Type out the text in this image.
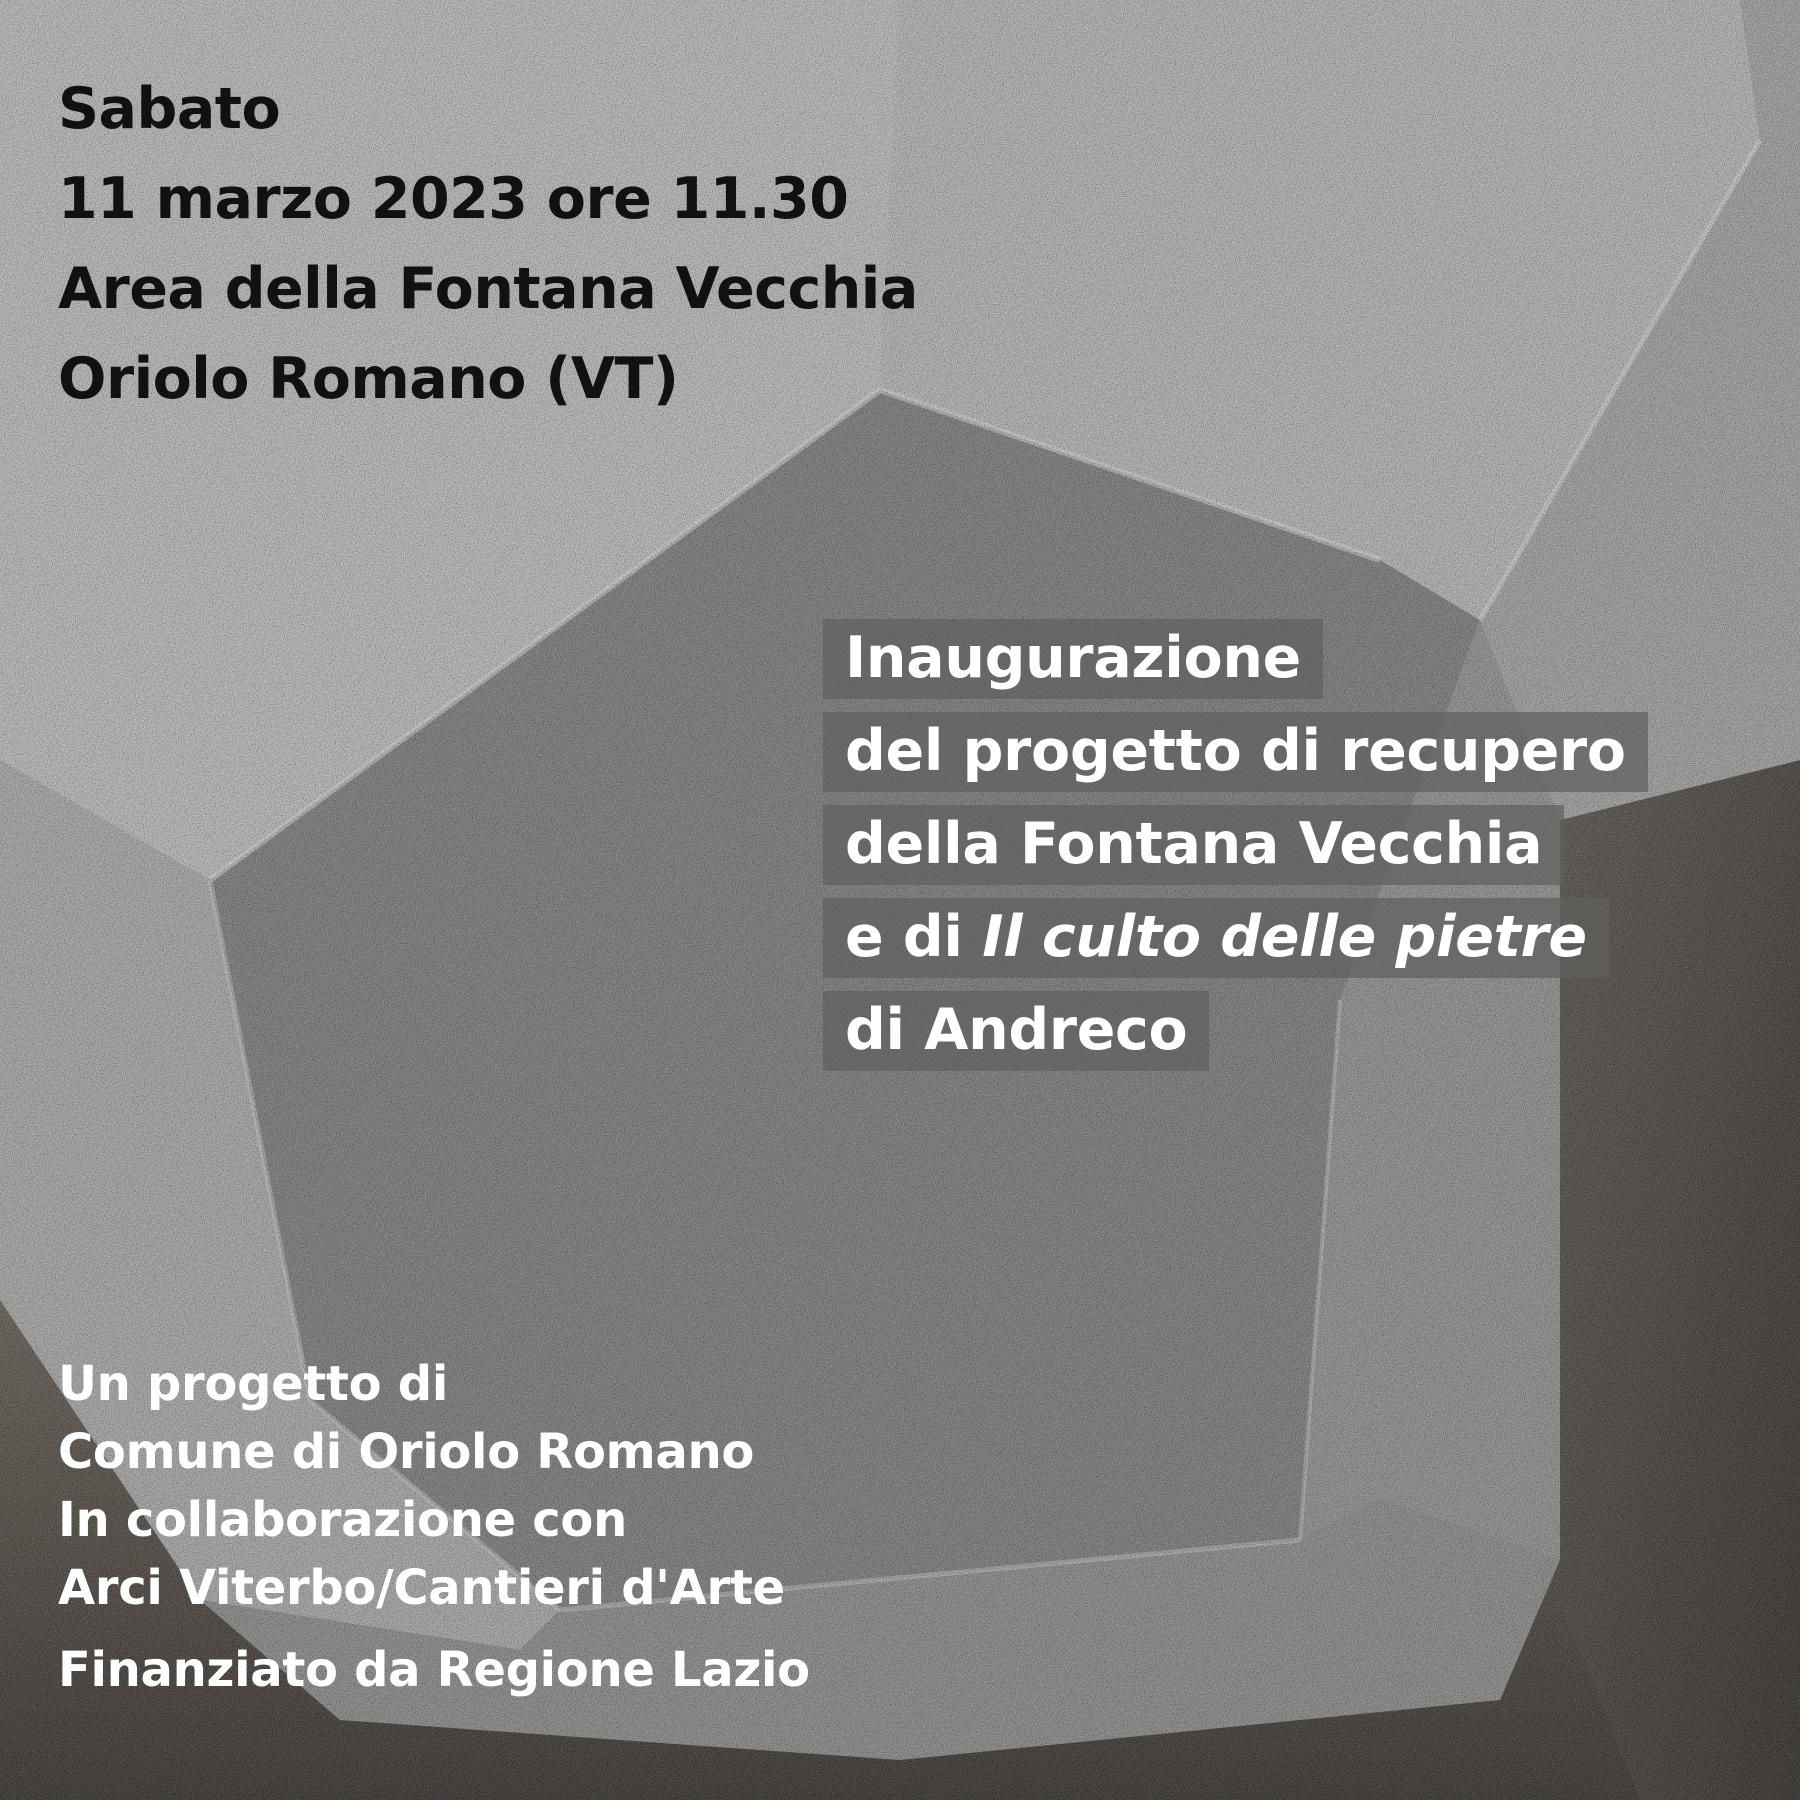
Sabato
11 marzo 2023 ore 11.30
Area della Fontana Vecchia
Oriolo Romano (VT)
Inaugurazione
del progetto di recupero
della Fontana Vecchia
e di Il culto delle pietre
di Andreco
Un progetto di
Comune di Oriolo Romano
In collaborazione con
Arci Viterbo/Cantieri d'Arte
Finanziato da Regione Lazio
